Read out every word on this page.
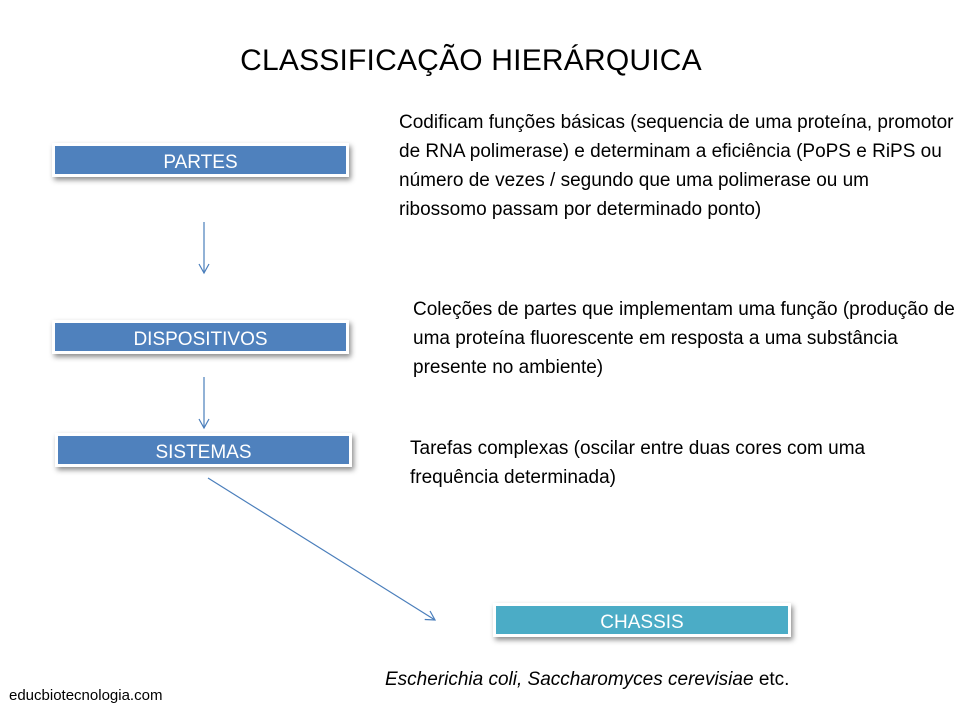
CLASSIFICAÇÃO HIERÁRQUICA
PARTES
DISPOSITIVOS
SISTEMAS
CHASSIS
Codificam funções básicas (sequencia de uma proteína, promotor de RNA polimerase) e determinam a eficiência (PoPS e RiPS ou número de vezes / segundo que uma polimerase ou um ribossomo passam por determinado ponto)
Coleções de partes que implementam uma função (produção de uma proteína fluorescente em resposta a uma substância presente no ambiente)
Tarefas complexas (oscilar entre duas cores com uma frequência determinada)
Escherichia coli, Saccharomyces cerevisiae etc.
educbiotecnologia.com
